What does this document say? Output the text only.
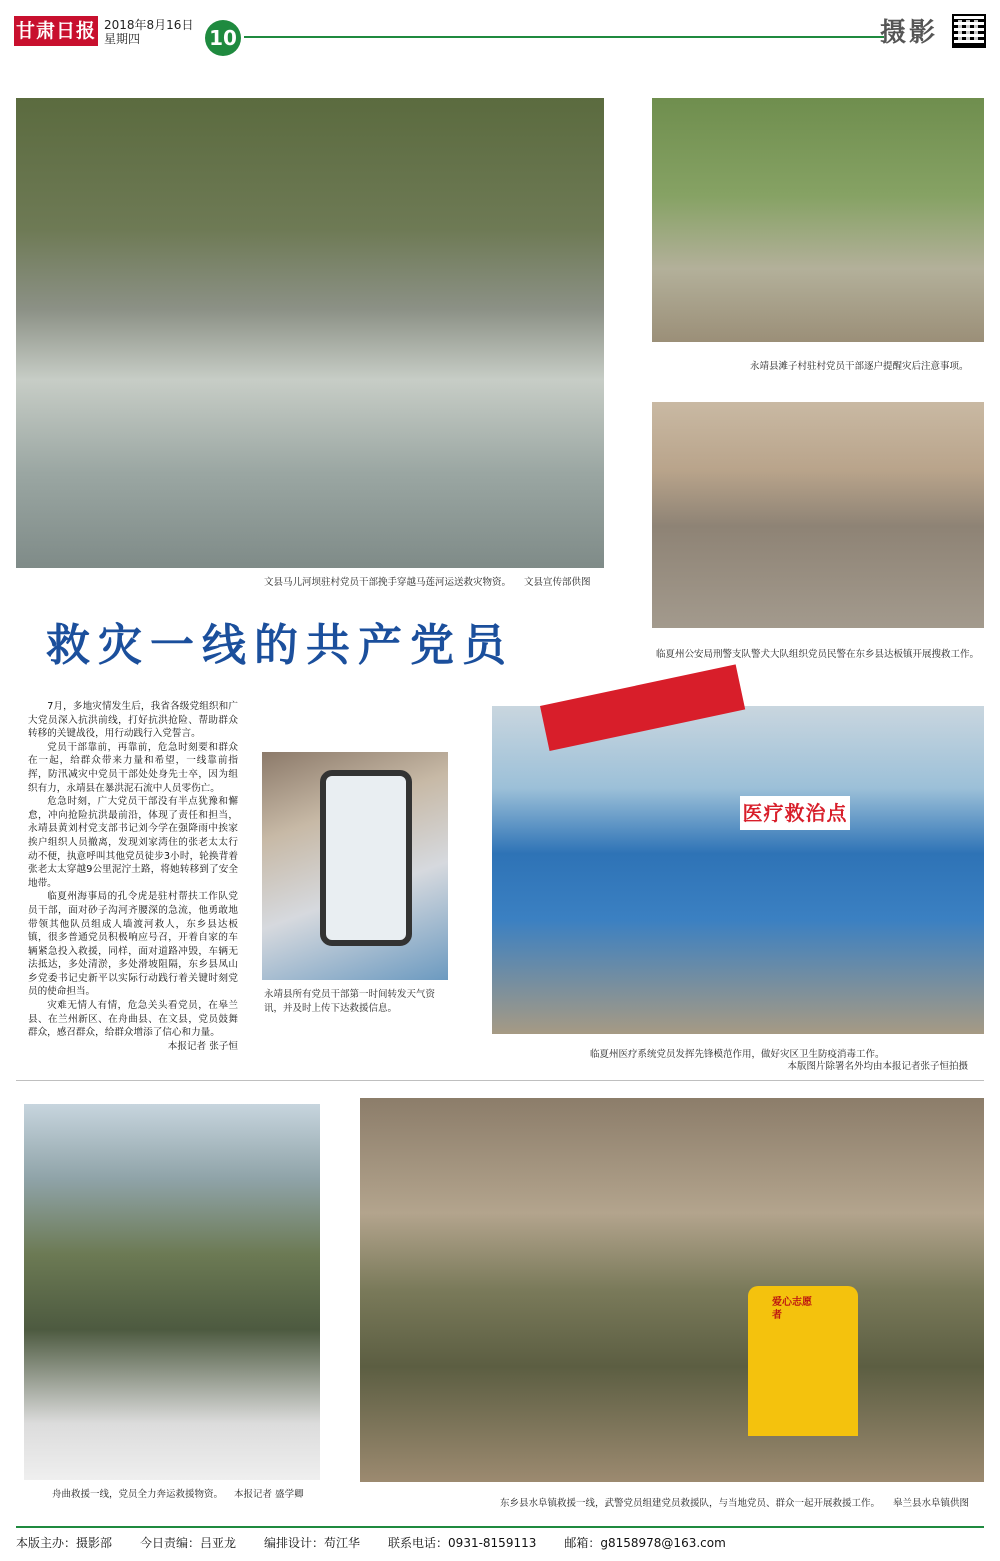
甘肃日报 2018年8月16日
星期四	10	摄影
文县马儿河坝驻村党员干部挽手穿越马莲河运送救灾物资。 文县宣传部供图
永靖县滩子村驻村党员干部逐户提醒灾后注意事项。
临夏州公安局刑警支队警犬大队组织党员民警在东乡县达板镇开展搜救工作。
救灾一线的共产党员

7月，多地灾情发生后，我省各级党组织和广大党员深入抗洪前线，打好抗洪抢险、帮助群众转移的关键战役，用行动践行入党誓言。

党员干部靠前，再靠前，危急时刻要和群众在一起，给群众带来力量和希望，一线靠前指挥，防汛减灾中党员干部处处身先士卒，因为组织有力，永靖县在暴洪泥石流中人员零伤亡。

危急时刻，广大党员干部没有半点犹豫和懈怠，冲向抢险抗洪最前沿，体现了责任和担当，永靖县黄刘村党支部书记刘今学在强降雨中挨家挨户组织人员撤离，发现刘家湾住的张老太太行动不便，执意呼叫其他党员徒步3小时，轮换背着张老太太穿越9公里泥泞土路，将她转移到了安全地带。

临夏州海事局的孔令虎是驻村帮扶工作队党员干部，面对砂子沟河齐腰深的急流，他勇敢地带领其他队员组成人墙渡河救人，东乡县达板镇，很多普通党员积极响应号召，开着自家的车辆紧急投入救援，同样，面对道路冲毁，车辆无法抵达，多处清淤，多处滑坡阻隔，东乡县凤山乡党委书记史新平以实际行动践行着关键时刻党员的使命担当。

灾难无情人有情，危急关头看党员，在皋兰县、在兰州新区、在舟曲县、在文县，党员鼓舞群众，感召群众，给群众增添了信心和力量。

本报记者 张子恒
永靖县所有党员干部第一时间转发天气资
讯，并及时上传下达救援信息。
医疗救治点
临夏州医疗系统党员发挥先锋模范作用，做好灾区卫生防疫消毒工作。
本版图片除署名外均由本报记者张子恒拍摄
舟曲救援一线，党员全力奔运救援物资。 本报记者 盛学卿
爱心志愿者
东乡县水阜镇救援一线，武警党员组建党员救援队，与当地党员、群众一起开展救援工作。 皋兰县水阜镇供图
本版主办：摄影部 今日责编：吕亚龙 编排设计：苟江华 联系电话：0931-8159113 邮箱：g8158978@163.com
